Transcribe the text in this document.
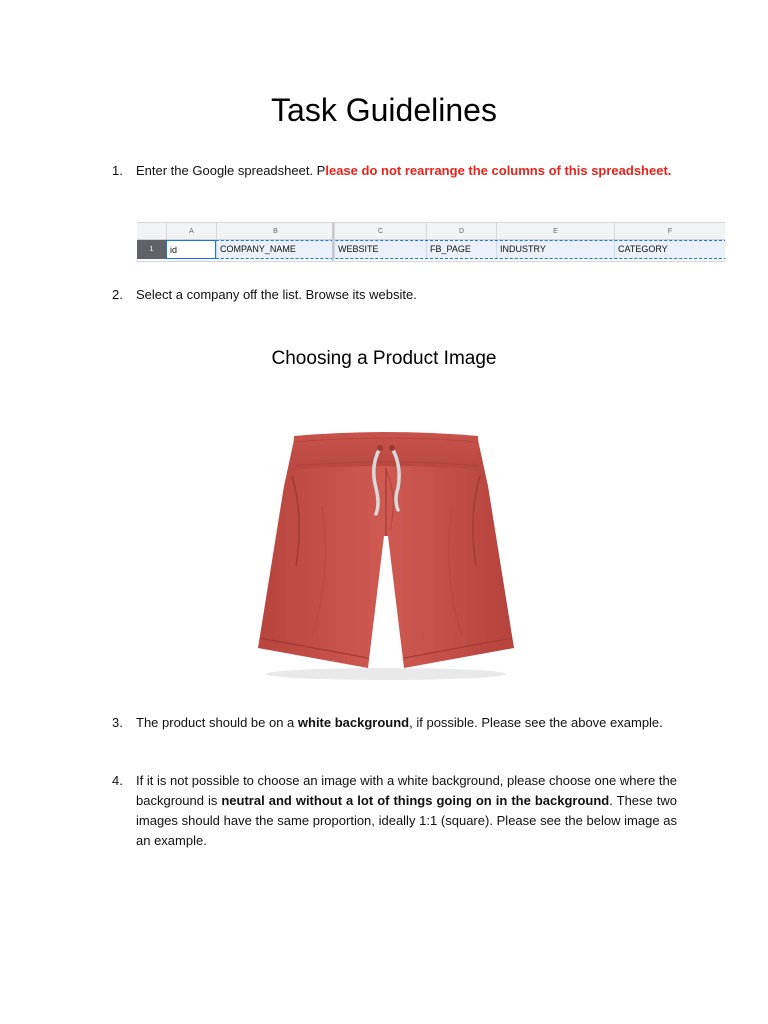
Task Guidelines
1. Enter the Google spreadsheet. Please do not rearrange the columns of this spreadsheet.
A	B	C	D	E	F
1	id	COMPANY_NAME	WEBSITE	FB_PAGE	INDUSTRY	CATEGORY
2. Select a company off the list. Browse its website.
Choosing a Product Image
3. The product should be on a white background, if possible. Please see the above example.
4. If it is not possible to choose an image with a white background, please choose one where the background is neutral and without a lot of things going on in the background. These two images should have the same proportion, ideally 1:1 (square). Please see the below image as an example.
